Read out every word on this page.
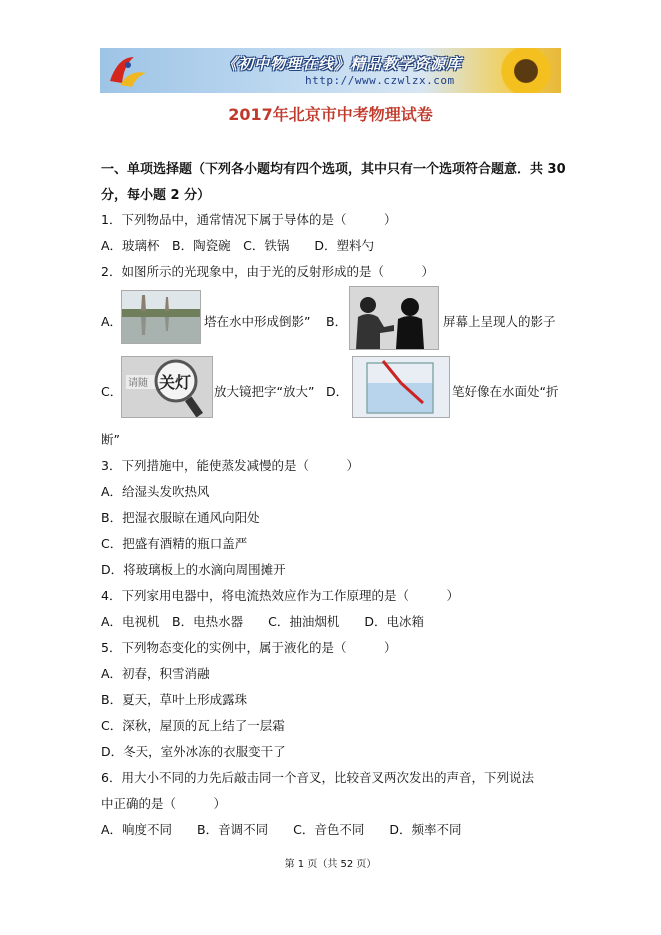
《初中物理在线》精品教学资源库
http://www.czwlzx.com
2017年北京市中考物理试卷
一、单项选择题（下列各小题均有四个选项，其中只有一个选项符合题意．共 30
分，每小题 2 分）
1．下列物品中，通常情况下属于导体的是（　　　）
A．玻璃杯　B．陶瓷碗　C．铁锅　　D．塑料勺
2．如图所示的光现象中，由于光的反射形成的是（　　　）
A．	塔在水中形成倒影” B．	屏幕上呈现人的影子
C．
请随 关灯 放大镜把字“放大” D．	笔好像在水面处“折
断”
3．下列措施中，能使蒸发减慢的是（　　　）
A．给湿头发吹热风
B．把湿衣服晾在通风向阳处
C．把盛有酒精的瓶口盖严
D．将玻璃板上的水滴向周围摊开
4．下列家用电器中，将电流热效应作为工作原理的是（　　　）
A．电视机　B．电热水器　　C．抽油烟机　　D．电冰箱
5．下列物态变化的实例中，属于液化的是（　　　）
A．初春，积雪消融
B．夏天，草叶上形成露珠
C．深秋，屋顶的瓦上结了一层霜
D．冬天，室外冰冻的衣服变干了
6．用大小不同的力先后敲击同一个音叉，比较音叉两次发出的声音，下列说法
中正确的是（　　　）
A．响度不同　　B．音调不同　　C．音色不同　　D．频率不同
第 1 页（共 52 页）
